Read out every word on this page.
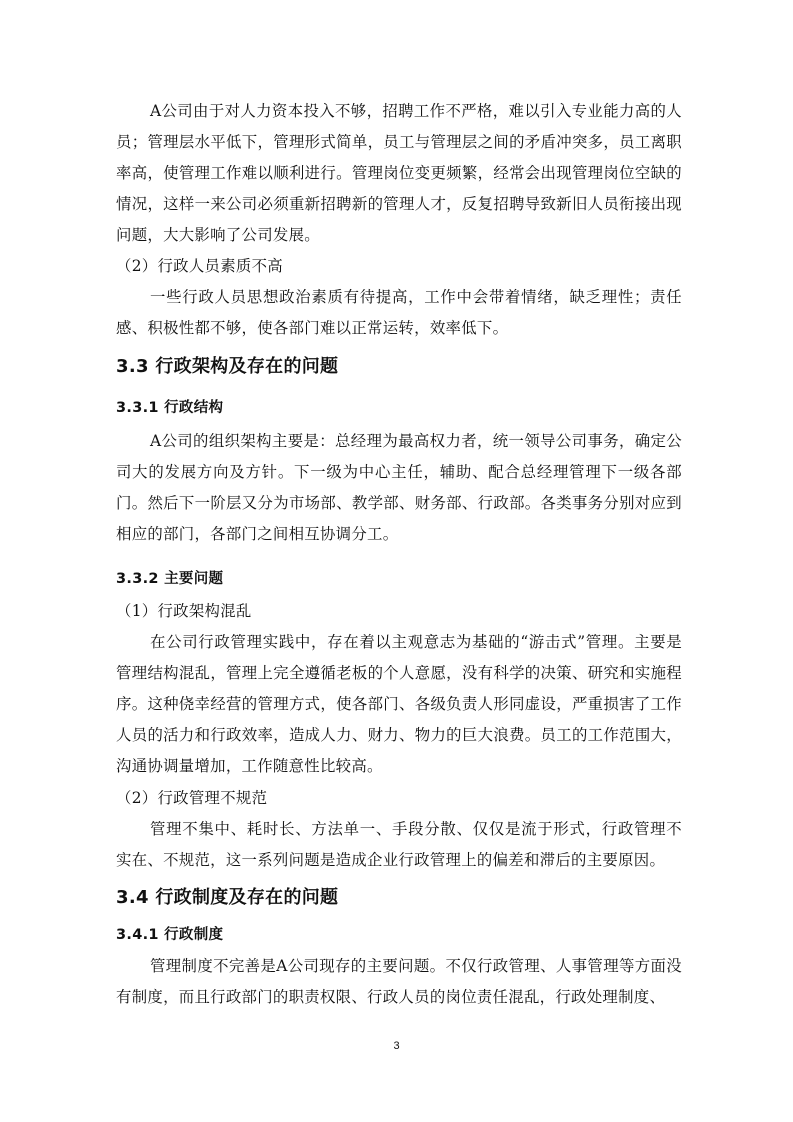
A公司由于对人力资本投入不够，招聘工作不严格，难以引入专业能力高的人员；管理层水平低下，管理形式简单，员工与管理层之间的矛盾冲突多，员工离职率高，使管理工作难以顺利进行。管理岗位变更频繁，经常会出现管理岗位空缺的情况，这样一来公司必须重新招聘新的管理人才，反复招聘导致新旧人员衔接出现问题，大大影响了公司发展。

（2）行政人员素质不高

一些行政人员思想政治素质有待提高，工作中会带着情绪，缺乏理性；责任感、积极性都不够，使各部门难以正常运转，效率低下。

3.3 行政架构及存在的问题
3.3.1 行政结构

A公司的组织架构主要是：总经理为最高权力者，统一领导公司事务，确定公司大的发展方向及方针。下一级为中心主任，辅助、配合总经理管理下一级各部门。然后下一阶层又分为市场部、教学部、财务部、行政部。各类事务分别对应到相应的部门，各部门之间相互协调分工。

3.3.2 主要问题

（1）行政架构混乱

在公司行政管理实践中，存在着以主观意志为基础的“游击式”管理。主要是管理结构混乱，管理上完全遵循老板的个人意愿，没有科学的决策、研究和实施程序。这种侥幸经营的管理方式，使各部门、各级负责人形同虚设，严重损害了工作人员的活力和行政效率，造成人力、财力、物力的巨大浪费。员工的工作范围大，沟通协调量增加，工作随意性比较高。

（2）行政管理不规范

管理不集中、耗时长、方法单一、手段分散、仅仅是流于形式，行政管理不实在、不规范，这一系列问题是造成企业行政管理上的偏差和滞后的主要原因。

3.4 行政制度及存在的问题
3.4.1 行政制度

管理制度不完善是A公司现存的主要问题。不仅行政管理、人事管理等方面没有制度，而且行政部门的职责权限、行政人员的岗位责任混乱，行政处理制度、

3
